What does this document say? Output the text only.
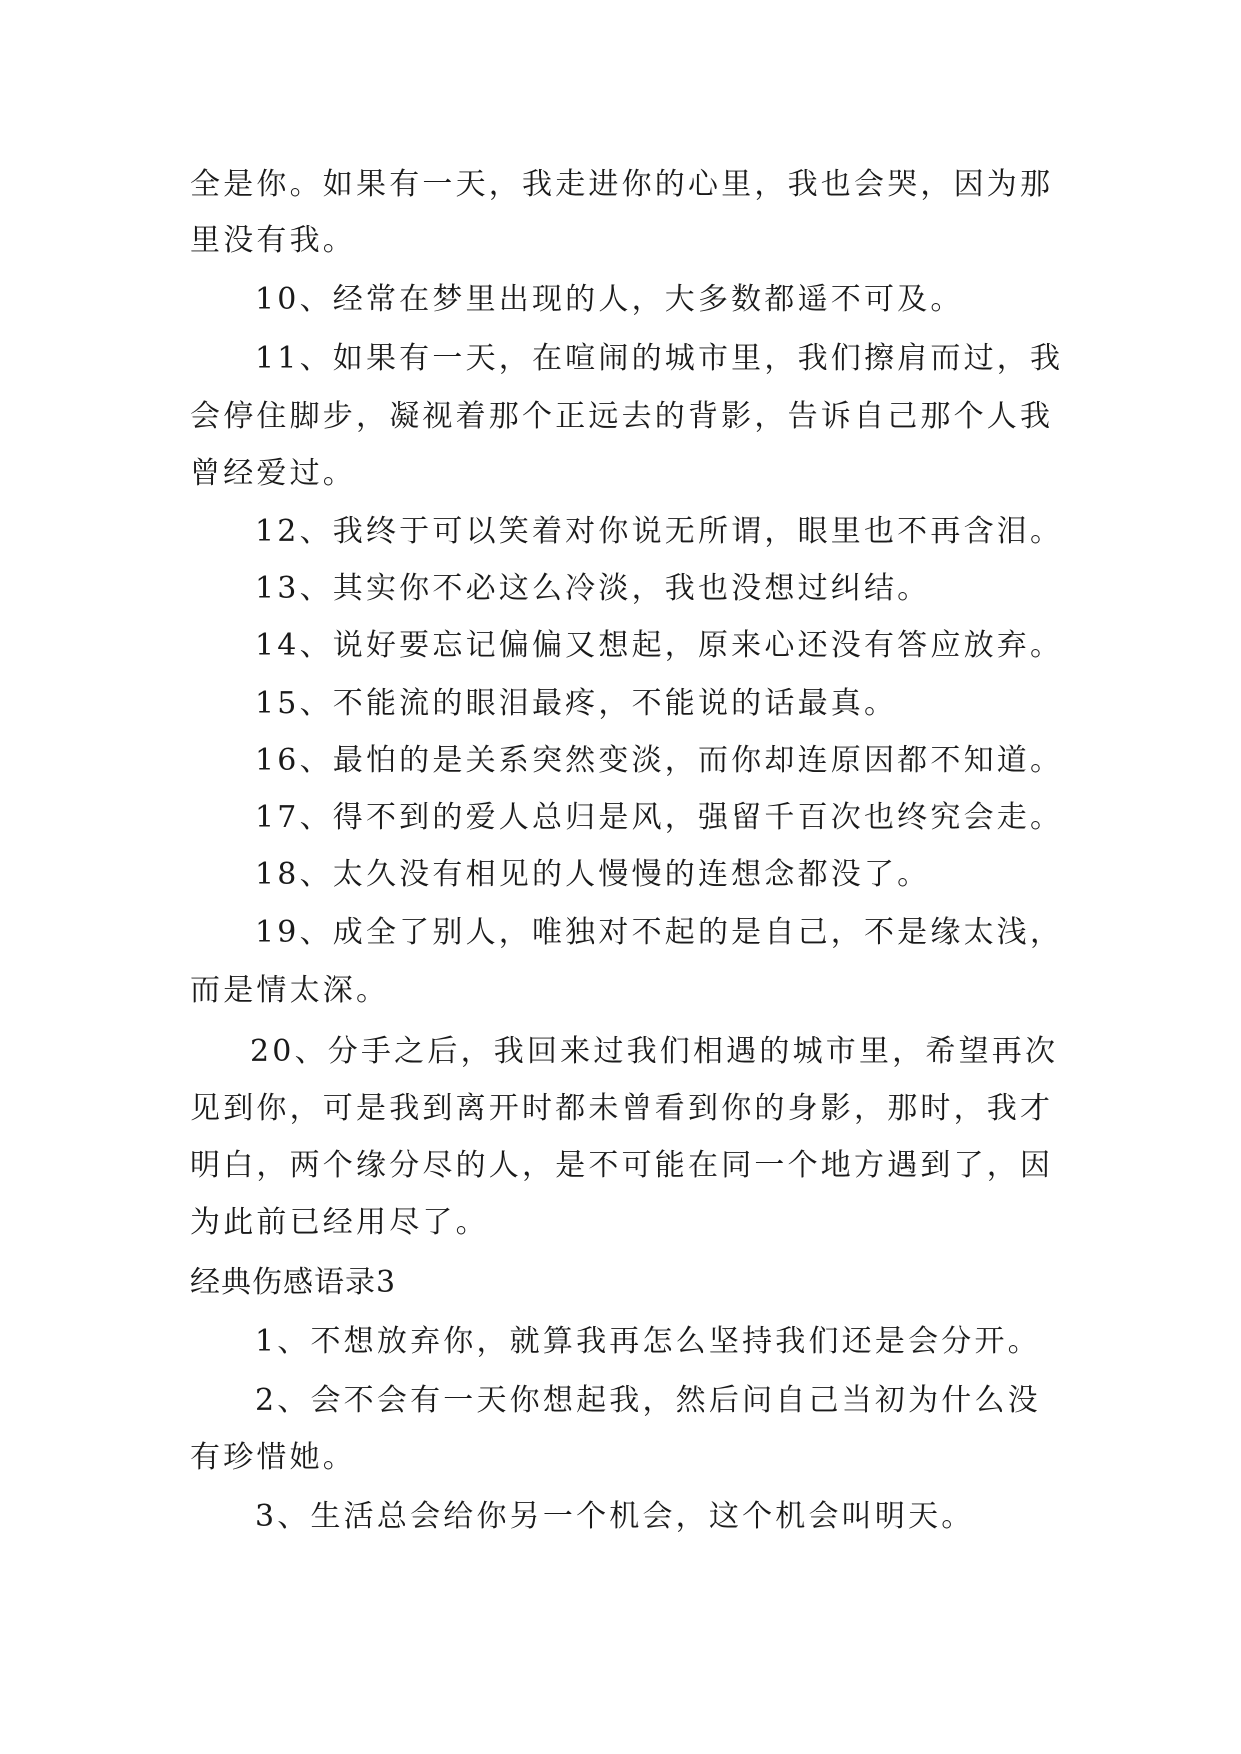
全是你。如果有一天，我走进你的心里，我也会哭，因为那
里没有我。
10、经常在梦里出现的人，大多数都遥不可及。
11、如果有一天，在喧闹的城市里，我们擦肩而过，我
会停住脚步，凝视着那个正远去的背影，告诉自己那个人我
曾经爱过。
12、我终于可以笑着对你说无所谓，眼里也不再含泪。
13、其实你不必这么冷淡，我也没想过纠结。
14、说好要忘记偏偏又想起，原来心还没有答应放弃。
15、不能流的眼泪最疼，不能说的话最真。
16、最怕的是关系突然变淡，而你却连原因都不知道。
17、得不到的爱人总归是风，强留千百次也终究会走。
18、太久没有相见的人慢慢的连想念都没了。
19、成全了别人，唯独对不起的是自己，不是缘太浅，
而是情太深。
20、分手之后，我回来过我们相遇的城市里，希望再次
见到你，可是我到离开时都未曾看到你的身影，那时，我才
明白，两个缘分尽的人，是不可能在同一个地方遇到了，因
为此前已经用尽了。
经典伤感语录3
1、不想放弃你，就算我再怎么坚持我们还是会分开。
2、会不会有一天你想起我，然后问自己当初为什么没
有珍惜她。
3、生活总会给你另一个机会，这个机会叫明天。
